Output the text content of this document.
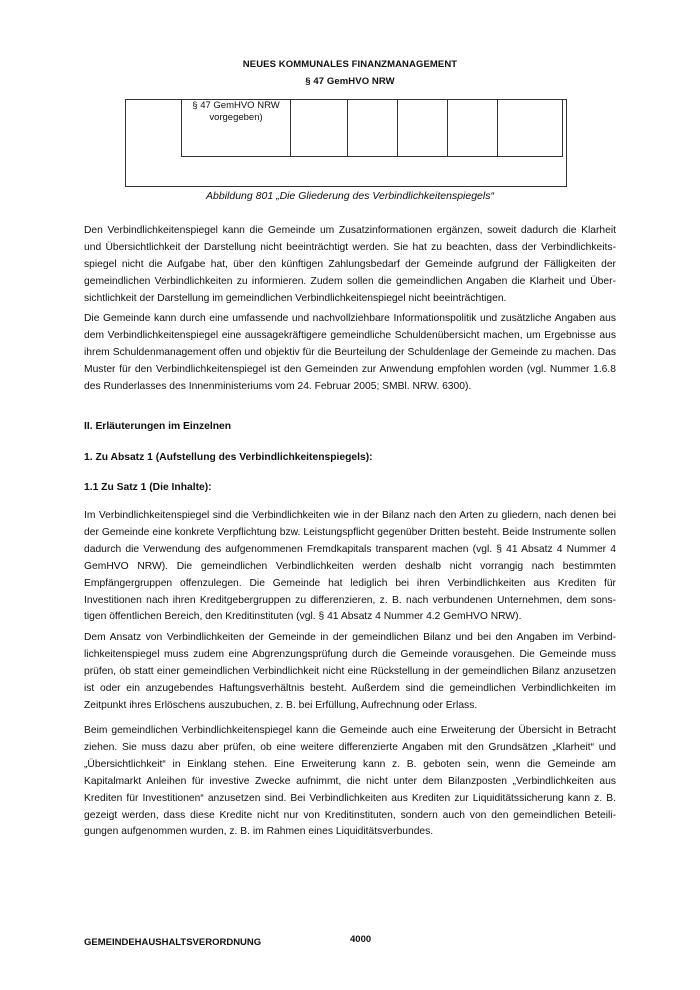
NEUES KOMMUNALES FINANZMANAGEMENT
§ 47 GemHVO NRW
§ 47 GemHVO NRW vorgegeben)					
Abbildung 801 „Die Gliederung des Verbindlichkeitenspiegels“

Den Verbindlichkeitenspiegel kann die Gemeinde um Zusatzinformationen ergänzen, soweit dadurch die Klarheit und Übersichtlichkeit der Darstellung nicht beeinträchtigt werden. Sie hat zu beachten, dass der Verbindlichkeitsspiegel nicht die Aufgabe hat, über den künftigen Zahlungsbedarf der Gemeinde aufgrund der Fälligkeiten der gemeindlichen Verbindlichkeiten zu informieren. Zudem sollen die gemeindlichen Angaben die Klarheit und Übersichtlichkeit der Darstellung im gemeindlichen Verbindlichkeitenspiegel nicht beeinträchtigen.

Die Gemeinde kann durch eine umfassende und nachvollziehbare Informationspolitik und zusätzliche Angaben aus dem Verbindlichkeitenspiegel eine aussagekräftigere gemeindliche Schuldenübersicht machen, um Ergebnisse aus ihrem Schuldenmanagement offen und objektiv für die Beurteilung der Schuldenlage der Gemeinde zu machen. Das Muster für den Verbindlichkeitenspiegel ist den Gemeinden zur Anwendung empfohlen worden (vgl. Nummer 1.6.8 des Runderlasses des Innenministeriums vom 24. Februar 2005; SMBl. NRW. 6300).

II. Erläuterungen im Einzelnen
1. Zu Absatz 1 (Aufstellung des Verbindlichkeitenspiegels):
1.1 Zu Satz 1 (Die Inhalte):

Im Verbindlichkeitenspiegel sind die Verbindlichkeiten wie in der Bilanz nach den Arten zu gliedern, nach denen bei der Gemeinde eine konkrete Verpflichtung bzw. Leistungspflicht gegenüber Dritten besteht. Beide Instrumente sollen dadurch die Verwendung des aufgenommenen Fremdkapitals transparent machen (vgl. § 41 Absatz 4 Nummer 4 GemHVO NRW). Die gemeindlichen Verbindlichkeiten werden deshalb nicht vorrangig nach bestimmten Empfängergruppen offenzulegen. Die Gemeinde hat lediglich bei ihren Verbindlichkeiten aus Krediten für Investitionen nach ihren Kreditgebergruppen zu differenzieren, z. B. nach verbundenen Unternehmen, dem sonstigen öffentlichen Bereich, den Kreditinstituten (vgl. § 41 Absatz 4 Nummer 4.2 GemHVO NRW).

Dem Ansatz von Verbindlichkeiten der Gemeinde in der gemeindlichen Bilanz und bei den Angaben im Verbindlichkeitenspiegel muss zudem eine Abgrenzungsprüfung durch die Gemeinde vorausgehen. Die Gemeinde muss prüfen, ob statt einer gemeindlichen Verbindlichkeit nicht eine Rückstellung in der gemeindlichen Bilanz anzusetzen ist oder ein anzugebendes Haftungsverhältnis besteht. Außerdem sind die gemeindlichen Verbindlichkeiten im Zeitpunkt ihres Erlöschens auszubuchen, z. B. bei Erfüllung, Aufrechnung oder Erlass.

Beim gemeindlichen Verbindlichkeitenspiegel kann die Gemeinde auch eine Erweiterung der Übersicht in Betracht ziehen. Sie muss dazu aber prüfen, ob eine weitere differenzierte Angaben mit den Grundsätzen „Klarheit“ und „Übersichtlichkeit“ in Einklang stehen. Eine Erweiterung kann z. B. geboten sein, wenn die Gemeinde am Kapitalmarkt Anleihen für investive Zwecke aufnimmt, die nicht unter dem Bilanzposten „Verbindlichkeiten aus Krediten für Investitionen“ anzusetzen sind. Bei Verbindlichkeiten aus Krediten zur Liquiditätssicherung kann z. B. gezeigt werden, dass diese Kredite nicht nur von Kreditinstituten, sondern auch von den gemeindlichen Beteiligungen aufgenommen wurden, z. B. im Rahmen eines Liquiditätsverbundes.

GEMEINDEHAUSHALTSVERORDNUNG	4000
